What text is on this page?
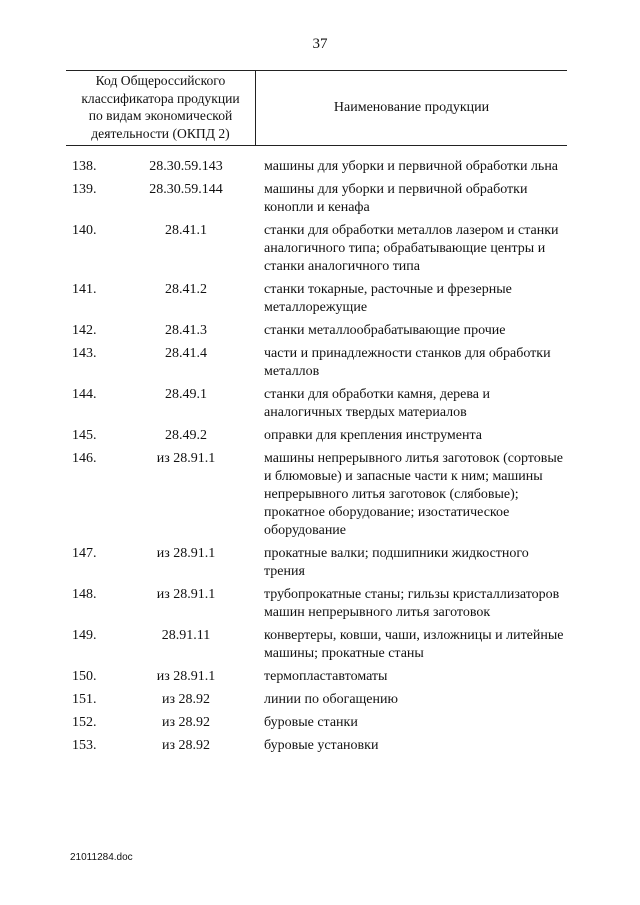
37
Код Общероссийского
классификатора продукции
по видам экономической
деятельности (ОКПД 2)
Наименование продукции
138.	28.30.59.143	машины для уборки и первичной обработки льна
139.	28.30.59.144	машины для уборки и первичной обработки конопли и кенафа
140.	28.41.1	станки для обработки металлов лазером и станки аналогичного типа; обрабатывающие центры и станки аналогичного типа
141.	28.41.2	станки токарные, расточные и фрезерные металлорежущие
142.	28.41.3	станки металлообрабатывающие прочие
143.	28.41.4	части и принадлежности станков для обработки металлов
144.	28.49.1	станки для обработки камня, дерева и аналогичных твердых материалов
145.	28.49.2	оправки для крепления инструмента
146.	из 28.91.1	машины непрерывного литья заготовок (сортовые и блюмовые) и запасные части к ним; машины непрерывного литья заготовок (слябовые); прокатное оборудование; изостатическое оборудование
147.	из 28.91.1	прокатные валки; подшипники жидкостного трения
148.	из 28.91.1	трубопрокатные станы; гильзы кристаллизаторов машин непрерывного литья заготовок
149.	28.91.11	конвертеры, ковши, чаши, изложницы и литейные машины; прокатные станы
150.	из 28.91.1	термопластавтоматы
151.	из 28.92	линии по обогащению
152.	из 28.92	буровые станки
153.	из 28.92	буровые установки
21011284.doc
